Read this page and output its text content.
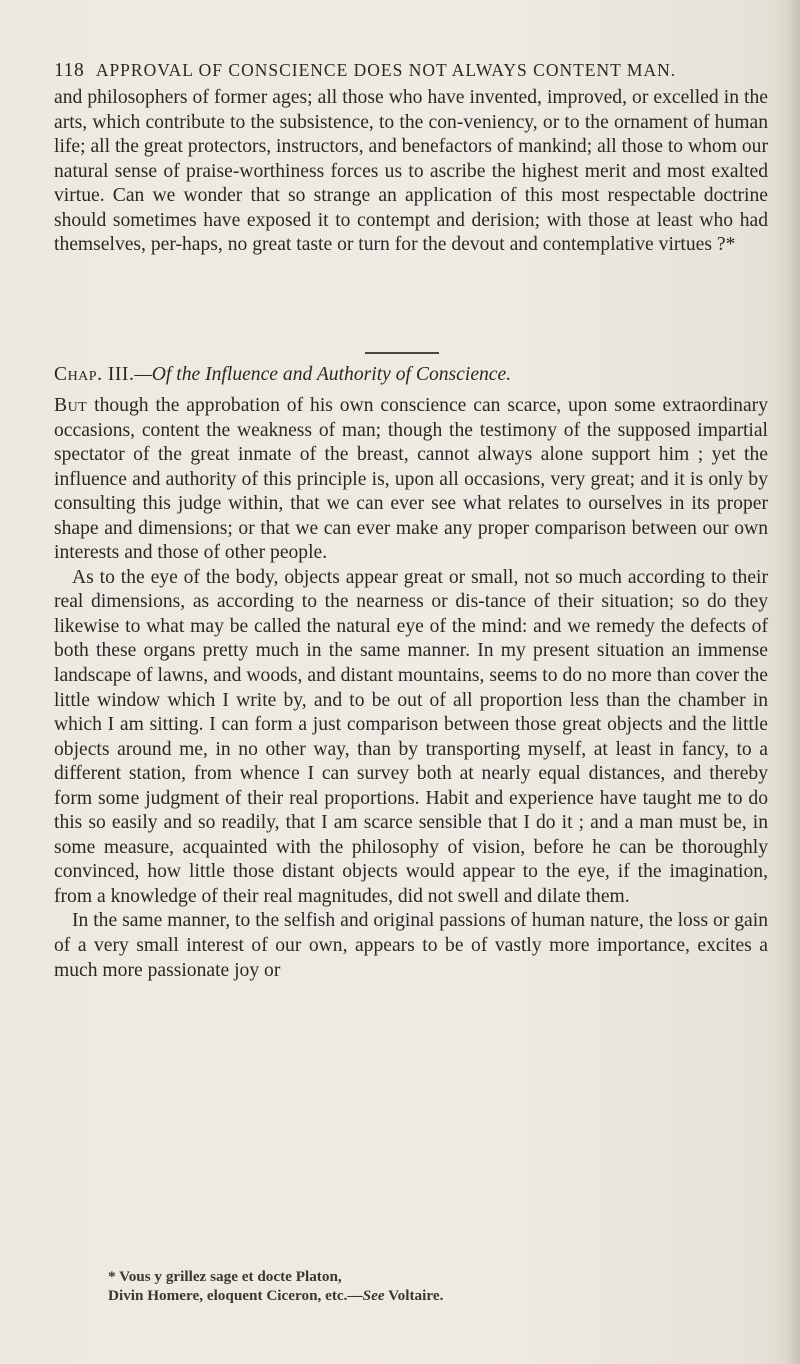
118 APPROVAL OF CONSCIENCE DOES NOT ALWAYS CONTENT MAN.

and philosophers of former ages; all those who have invented, improved, or excelled in the arts, which contribute to the subsistence, to the con-veniency, or to the ornament of human life; all the great protectors, instructors, and benefactors of mankind; all those to whom our natural sense of praise-worthiness forces us to ascribe the highest merit and most exalted virtue. Can we wonder that so strange an application of this most respectable doctrine should sometimes have exposed it to contempt and derision; with those at least who had themselves, per-haps, no great taste or turn for the devout and contemplative virtues ?*

Chap. III.—Of the Influence and Authority of Conscience.

But though the approbation of his own conscience can scarce, upon some extraordinary occasions, content the weakness of man; though the testimony of the supposed impartial spectator of the great inmate of the breast, cannot always alone support him ; yet the influence and authority of this principle is, upon all occasions, very great; and it is only by consulting this judge within, that we can ever see what relates to ourselves in its proper shape and dimensions; or that we can ever make any proper comparison between our own interests and those of other people.

As to the eye of the body, objects appear great or small, not so much according to their real dimensions, as according to the nearness or dis-tance of their situation; so do they likewise to what may be called the natural eye of the mind: and we remedy the defects of both these organs pretty much in the same manner. In my present situation an immense landscape of lawns, and woods, and distant mountains, seems to do no more than cover the little window which I write by, and to be out of all proportion less than the chamber in which I am sitting. I can form a just comparison between those great objects and the little objects around me, in no other way, than by transporting myself, at least in fancy, to a different station, from whence I can survey both at nearly equal distances, and thereby form some judgment of their real proportions. Habit and experience have taught me to do this so easily and so readily, that I am scarce sensible that I do it ; and a man must be, in some measure, acquainted with the philosophy of vision, before he can be thoroughly convinced, how little those distant objects would appear to the eye, if the imagination, from a knowledge of their real magnitudes, did not swell and dilate them.

In the same manner, to the selfish and original passions of human nature, the loss or gain of a very small interest of our own, appears to be of vastly more importance, excites a much more passionate joy or

* Vous y grillez sage et docte Platon,
Divin Homere, eloquent Ciceron, etc.—See Voltaire.
